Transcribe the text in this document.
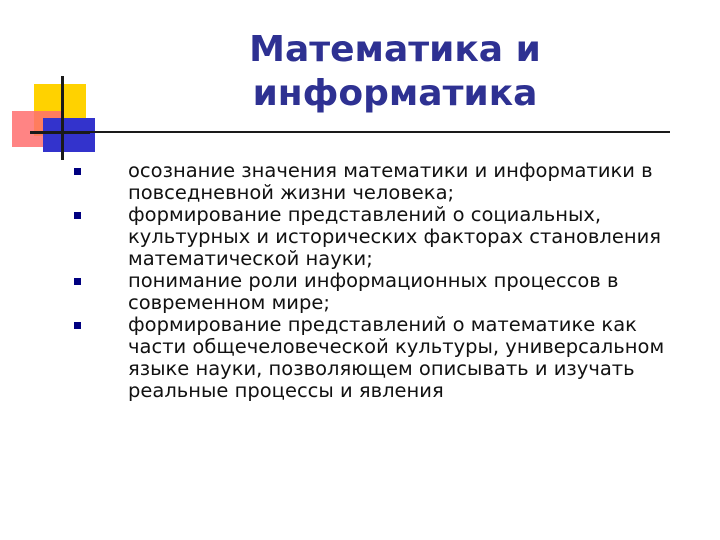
Математика и
информатика
осознание значения математики и информатики в повседневной жизни человека;
формирование представлений о социальных, культурных и исторических факторах становления математической науки;
понимание роли информационных процессов в современном мире;
формирование представлений о математике как части общечеловеческой культуры, универсальном языке науки, позволяющем описывать и изучать реальные процессы и явления
